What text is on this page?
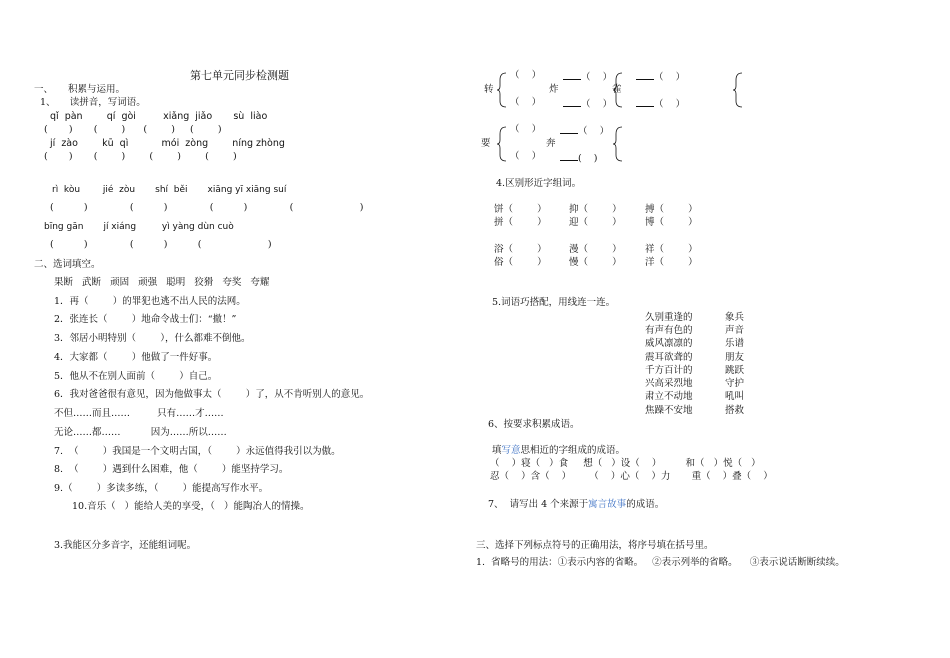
第七单元同步检测题
一、 积累与运用。
1、　　读拼音，写词语。
qǐ  pàn        qí  gòi         xiǎng  jiǎo       sù  liào
(       )       (        )      (        )     (        )
jí  zào        kū  qì           mói  zòng        níng zhòng
(       )       (        )        (        )        (        )
rì  kòu        jié  zòu       shí  běi       xiāng yī xiāng suí
(          )              (          )              (          )              (                      )
bīng gān       jí xiáng         yì yàng dùn cuò
(          )              (          )          (                      )
二、选词填空。
果断   武断   顽固   顽强   聪明   狡猾   夸奖   夸耀
1．再（        ）的罪犯也逃不出人民的法网。
2．张连长（        ）地命令战士们：“撤！”
3．邻居小明特别（        ），什么都难不倒他。
4．大家都（        ）他做了一件好事。
5．他从不在别人面前（        ）自己。
6．我对爸爸很有意见，因为他做事太（        ）了，从不肯听别人的意见。
不但……而且……         只有……才……
无论……都……          因为……所以……
7.  （        ）我国是一个文明古国，（        ）永远值得我引以为傲。
8.  （        ）遇到什么困难，他（        ）能坚持学习。
9.（        ）多读多练，（        ）能提高写作水平。
10.音乐（   ）能给人美的享受，（   ）能陶冶人的情操。
3.我能区分多音字，还能组词呢。
转
（    ）
（    ）
炸
（    ）
（    ）
雀
（    ）
（    ）
要
（    ）
（    ）
奔
（    ）
(    )
4.区别形近字组词。
饼（        ） 抑（        ） 搏（        ）
拼（        ） 迎（        ） 博（        ）
浴（        ） 漫（        ） 祥（        ）
俗（        ） 慢（        ） 洋（        ）
5.词语巧搭配，用线连一连。
久别重逢的
有声有色的
威风凛凛的
震耳欲聋的
千方百计的
兴高采烈地
肃立不动地
焦躁不安地
象兵
声音
乐谱
朋友
跳跃
守护
吼叫
搭救
6、按要求积累成语。
填写意思相近的字组成的成语。
（    ）寝（   ）食     想（   ）设（    ）        和（   ）悦（   ）
忍（    ）含（    ）      （    ）心（    ）力       重（    ）叠（    ）
7、  请写出 4 个来源于寓言故事的成语。
三、选择下列标点符号的正确用法，将序号填在括号里。
1.  省略号的用法：①表示内容的省略。   ②表示列举的省略。    ③表示说话断断续续。
